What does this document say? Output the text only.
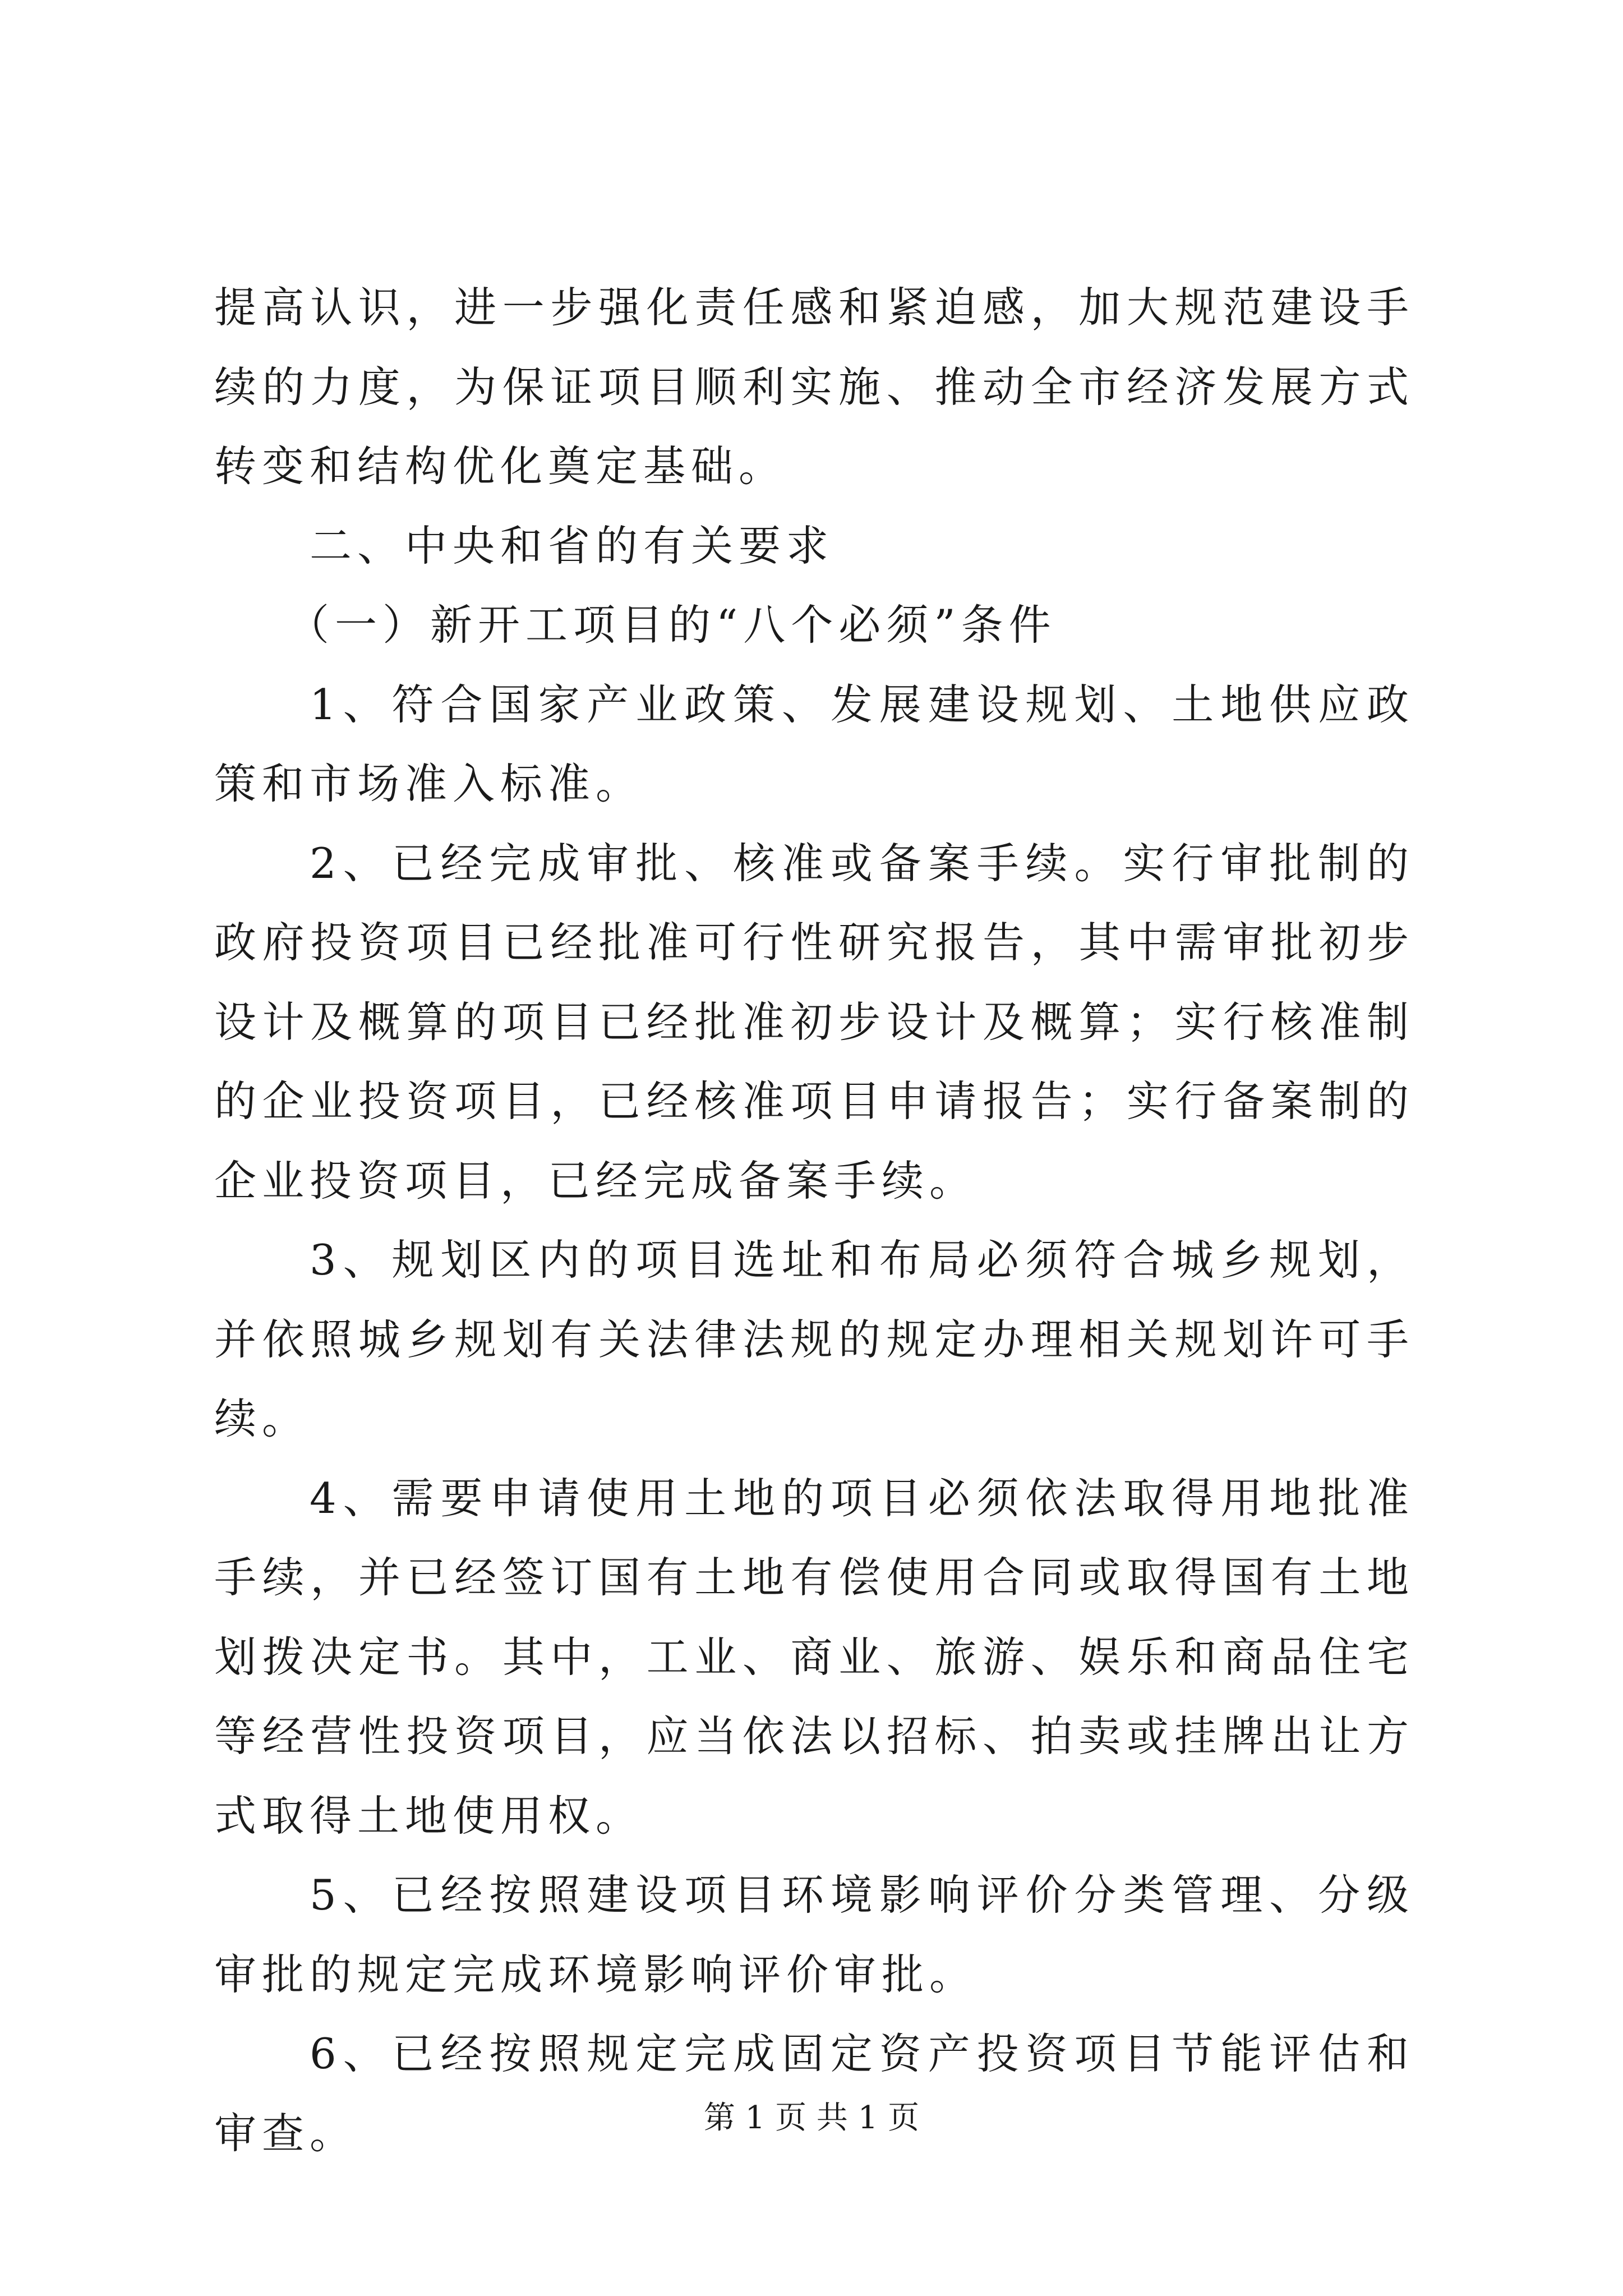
提高认识，进一步强化责任感和紧迫感，加大规范建设手续的力度，为保证项目顺利实施、推动全市经济发展方式转变和结构优化奠定基础。

二、中央和省的有关要求

（一）新开工项目的“八个必须”条件

1、符合国家产业政策、发展建设规划、土地供应政策和市场准入标准。

2、已经完成审批、核准或备案手续。实行审批制的政府投资项目已经批准可行性研究报告，其中需审批初步设计及概算的项目已经批准初步设计及概算；实行核准制的企业投资项目，已经核准项目申请报告；实行备案制的企业投资项目，已经完成备案手续。

3、规划区内的项目选址和布局必须符合城乡规划，并依照城乡规划有关法律法规的规定办理相关规划许可手续。

4、需要申请使用土地的项目必须依法取得用地批准手续，并已经签订国有土地有偿使用合同或取得国有土地划拨决定书。其中，工业、商业、旅游、娱乐和商品住宅等经营性投资项目，应当依法以招标、拍卖或挂牌出让方式取得土地使用权。

5、已经按照建设项目环境影响评价分类管理、分级审批的规定完成环境影响评价审批。

6、已经按照规定完成固定资产投资项目节能评估和审查。	第 1 页 共 1 页
